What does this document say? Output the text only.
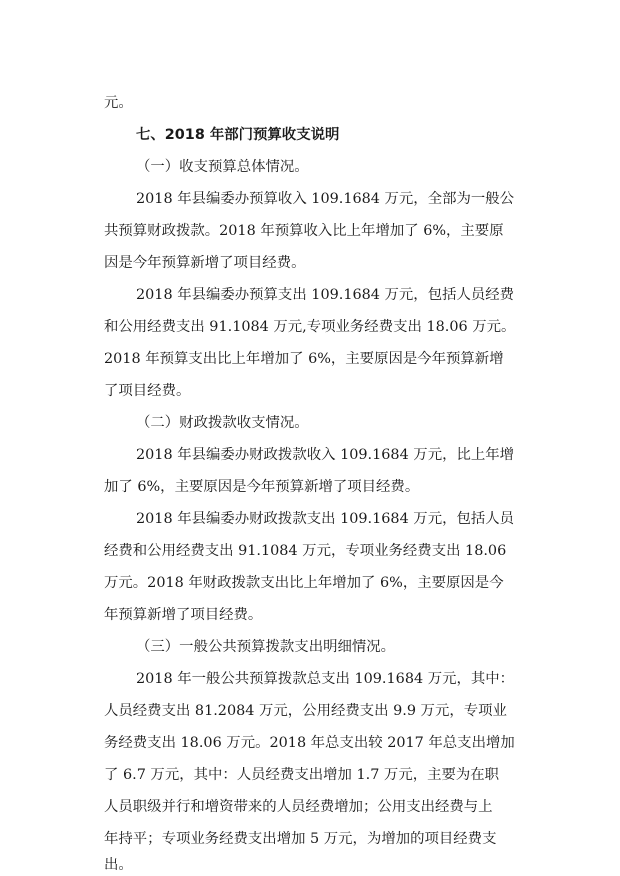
元。
七、2018 年部门预算收支说明
（一）收支预算总体情况。
2018 年县编委办预算收入 109.1684 万元，全部为一般公
共预算财政拨款。2018 年预算收入比上年增加了 6%，主要原
因是今年预算新增了项目经费。
2018 年县编委办预算支出 109.1684 万元，包括人员经费
和公用经费支出 91.1084 万元,专项业务经费支出 18.06 万元。
2018 年预算支出比上年增加了 6%，主要原因是今年预算新增
了项目经费。
（二）财政拨款收支情况。
2018 年县编委办财政拨款收入 109.1684 万元，比上年增
加了 6%，主要原因是今年预算新增了项目经费。
2018 年县编委办财政拨款支出 109.1684 万元，包括人员
经费和公用经费支出 91.1084 万元，专项业务经费支出 18.06
万元。2018 年财政拨款支出比上年增加了 6%，主要原因是今
年预算新增了项目经费。
（三）一般公共预算拨款支出明细情况。
2018 年一般公共预算拨款总支出 109.1684 万元，其中：
人员经费支出 81.2084 万元，公用经费支出 9.9 万元，专项业
务经费支出 18.06 万元。2018 年总支出较 2017 年总支出增加
了 6.7 万元，其中：人员经费支出增加 1.7 万元，主要为在职
人员职级并行和增资带来的人员经费增加；公用支出经费与上
年持平；专项业务经费支出增加 5 万元，为增加的项目经费支
出。
